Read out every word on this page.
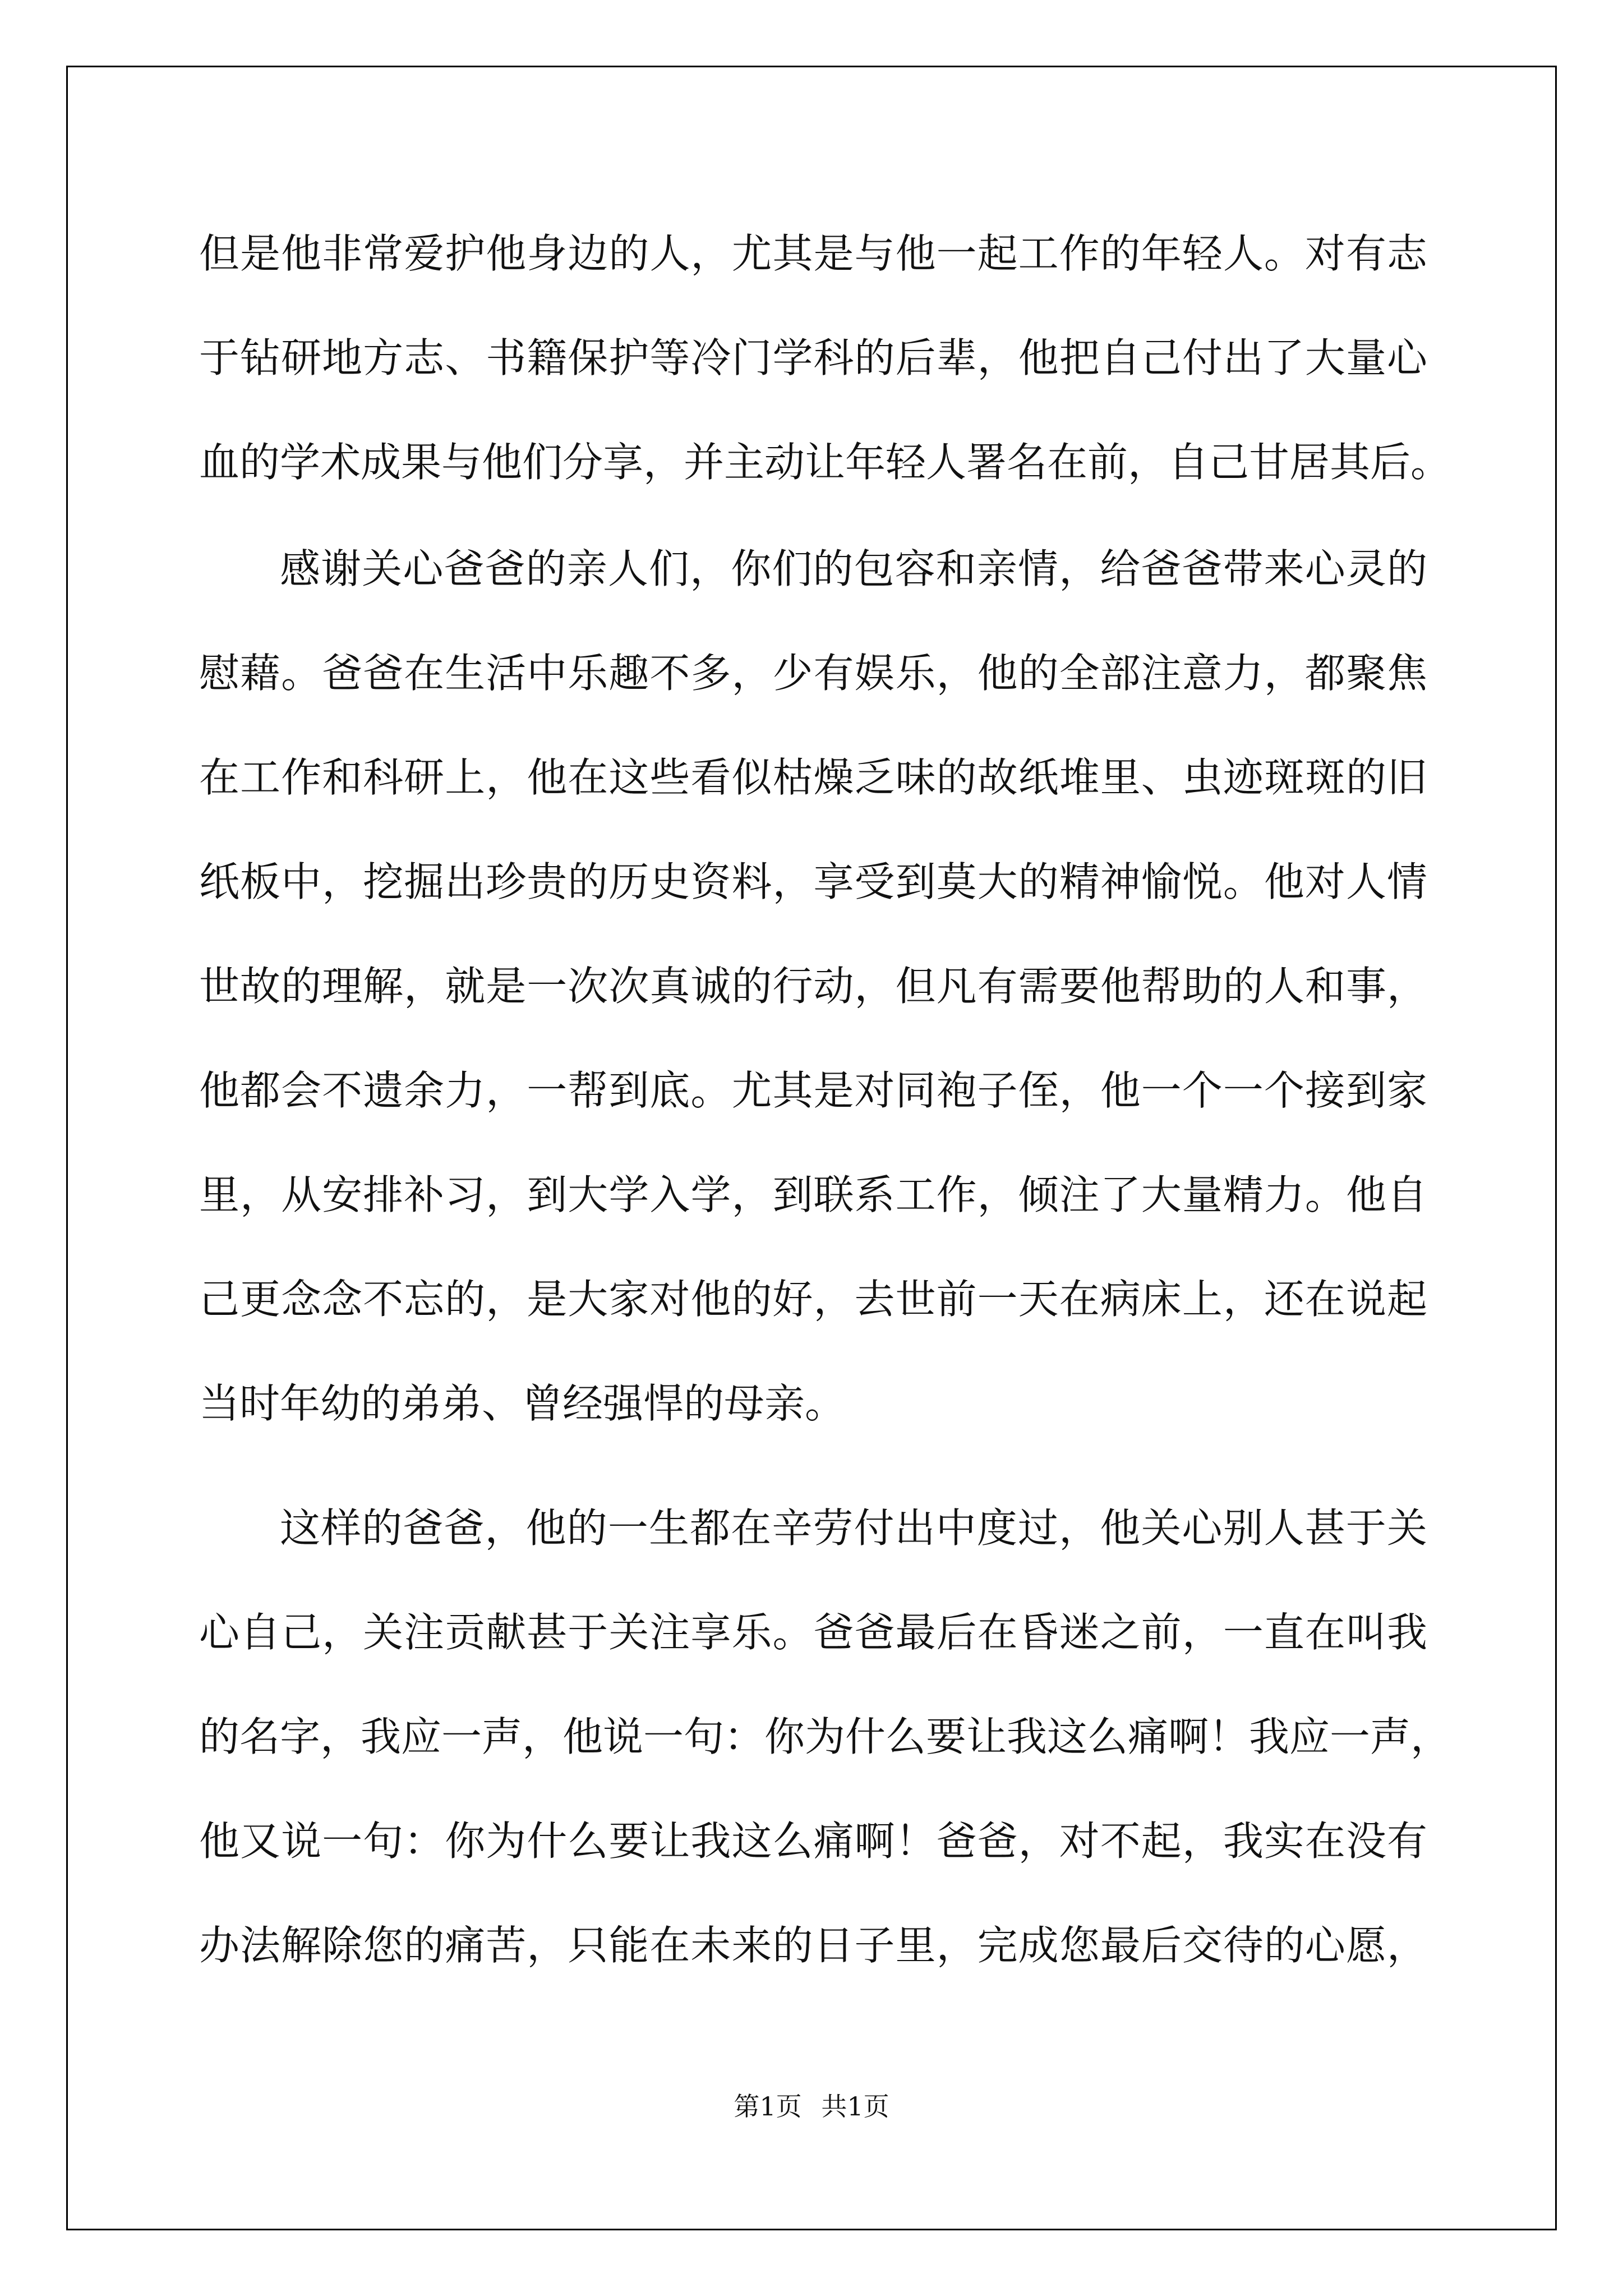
但是他非常爱护他身边的人，尤其是与他一起工作的年轻人。对有志
于钻研地方志、书籍保护等冷门学科的后辈，他把自己付出了大量心
血的学术成果与他们分享，并主动让年轻人署名在前，自己甘居其后。
感谢关心爸爸的亲人们，你们的包容和亲情，给爸爸带来心灵的
慰藉。爸爸在生活中乐趣不多，少有娱乐，他的全部注意力，都聚焦
在工作和科研上，他在这些看似枯燥乏味的故纸堆里、虫迹斑斑的旧
纸板中，挖掘出珍贵的历史资料，享受到莫大的精神愉悦。他对人情
世故的理解，就是一次次真诚的行动，但凡有需要他帮助的人和事，
他都会不遗余力，一帮到底。尤其是对同袍子侄，他一个一个接到家
里，从安排补习，到大学入学，到联系工作，倾注了大量精力。他自
己更念念不忘的，是大家对他的好，去世前一天在病床上，还在说起
当时年幼的弟弟、曾经强悍的母亲。
这样的爸爸，他的一生都在辛劳付出中度过，他关心别人甚于关
心自己，关注贡献甚于关注享乐。爸爸最后在昏迷之前，一直在叫我
的名字，我应一声，他说一句：你为什么要让我这么痛啊！我应一声，
他又说一句：你为什么要让我这么痛啊！爸爸，对不起，我实在没有
办法解除您的痛苦，只能在未来的日子里，完成您最后交待的心愿，
第1页 共1页
